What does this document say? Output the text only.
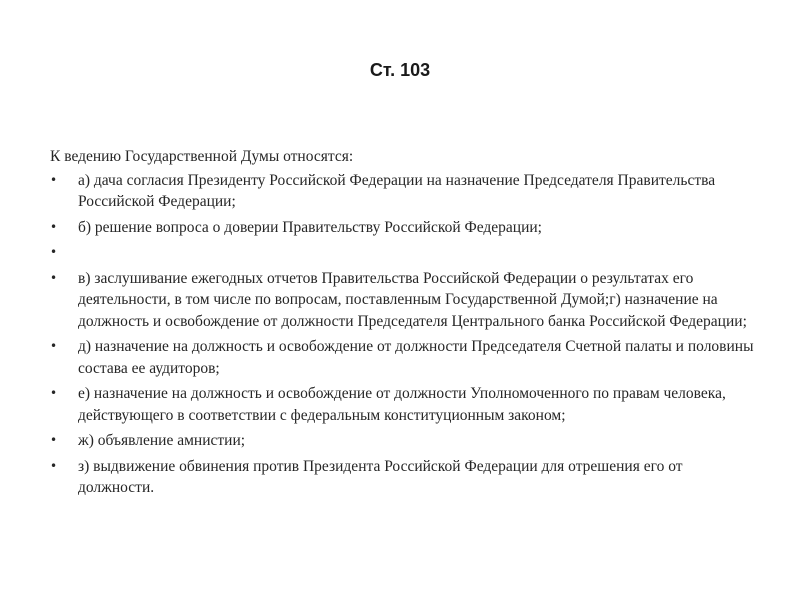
Ст. 103

К ведению Государственной Думы относятся:

•	а) дача согласия Президенту Российской Федерации на назначение Председателя Правительства Российской Федерации;
•	б) решение вопроса о доверии Правительству Российской Федерации;
•
•	в) заслушивание ежегодных отчетов Правительства Российской Федерации о результатах его деятельности, в том числе по вопросам, поставленным Государственной Думой;г) назначение на должность и освобождение от должности Председателя Центрального банка Российской Федерации;
•	д) назначение на должность и освобождение от должности Председателя Счетной палаты и половины состава ее аудиторов;
•	е) назначение на должность и освобождение от должности Уполномоченного по правам человека, действующего в соответствии с федеральным конституционным законом;
•	ж) объявление амнистии;
•	з) выдвижение обвинения против Президента Российской Федерации для отрешения его от должности.
